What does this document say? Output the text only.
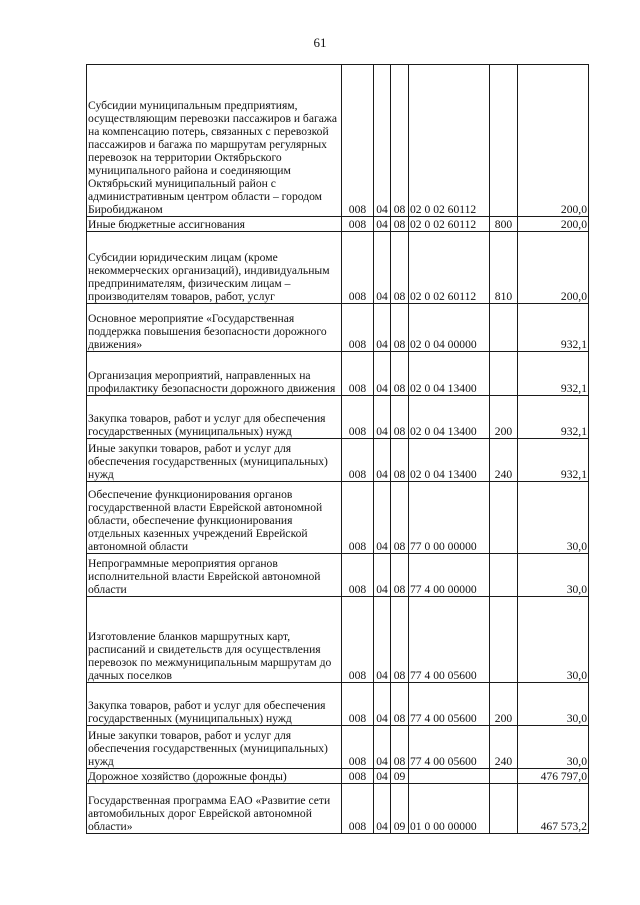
61
Субсидии муниципальным предприятиям, осуществляющим перевозки пассажиров и багажа на компенсацию потерь, связанных с перевозкой пассажиров и багажа по маршрутам регулярных перевозок на территории Октябрьского муниципального района и соединяющим Октябрьский муниципальный район с административным центром области – городом Биробиджаном	008	04	08	02 0 02 60112		200,0
Иные бюджетные ассигнования	008	04	08	02 0 02 60112	800	200,0
Субсидии юридическим лицам (кроме некоммерческих организаций), индивидуальным предпринимателям, физическим лицам – производителям товаров, работ, услуг	008	04	08	02 0 02 60112	810	200,0
Основное мероприятие «Государственная поддержка повышения безопасности дорожного движения»	008	04	08	02 0 04 00000		932,1
Организация мероприятий, направленных на профилактику безопасности дорожного движения	008	04	08	02 0 04 13400		932,1
Закупка товаров, работ и услуг для обеспечения государственных (муниципальных) нужд	008	04	08	02 0 04 13400	200	932,1
Иные закупки товаров, работ и услуг для обеспечения государственных (муниципальных) нужд	008	04	08	02 0 04 13400	240	932,1
Обеспечение функционирования органов государственной власти Еврейской автономной области, обеспечение функционирования отдельных казенных учреждений Еврейской автономной области	008	04	08	77 0 00 00000		30,0
Непрограммные мероприятия органов исполнительной власти Еврейской автономной области	008	04	08	77 4 00 00000		30,0
Изготовление бланков маршрутных карт, расписаний и свидетельств для осуществления перевозок по межмуниципальным маршрутам до дачных поселков	008	04	08	77 4 00 05600		30,0
Закупка товаров, работ и услуг для обеспечения государственных (муниципальных) нужд	008	04	08	77 4 00 05600	200	30,0
Иные закупки товаров, работ и услуг для обеспечения государственных (муниципальных) нужд	008	04	08	77 4 00 05600	240	30,0
Дорожное хозяйство (дорожные фонды)	008	04	09			476 797,0
Государственная программа ЕАО «Развитие сети автомобильных дорог Еврейской автономной области»	008	04	09	01 0 00 00000		467 573,2
